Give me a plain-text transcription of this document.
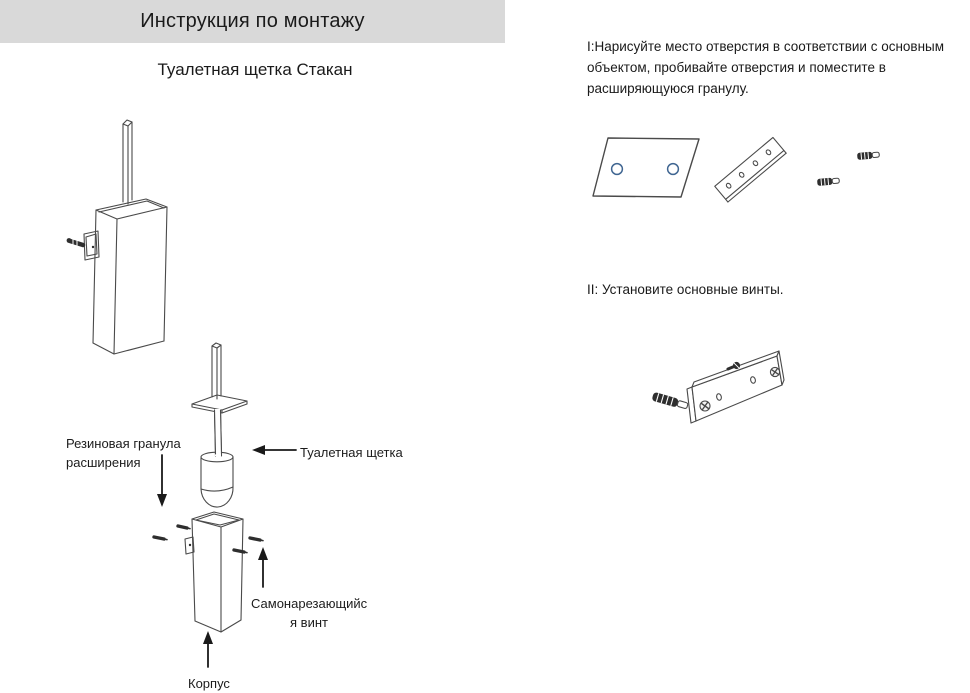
Инструкция по монтажу
Туалетная щетка Стакан
Резиновая гранула расширения
Туалетная щетка
Самонарезающийс
я винт
Корпус
I:Нарисуйте место отверстия в соответствии с основным объектом, пробивайте отверстия и поместите в расширяющуюся гранулу.
II: Установите основные винты.
